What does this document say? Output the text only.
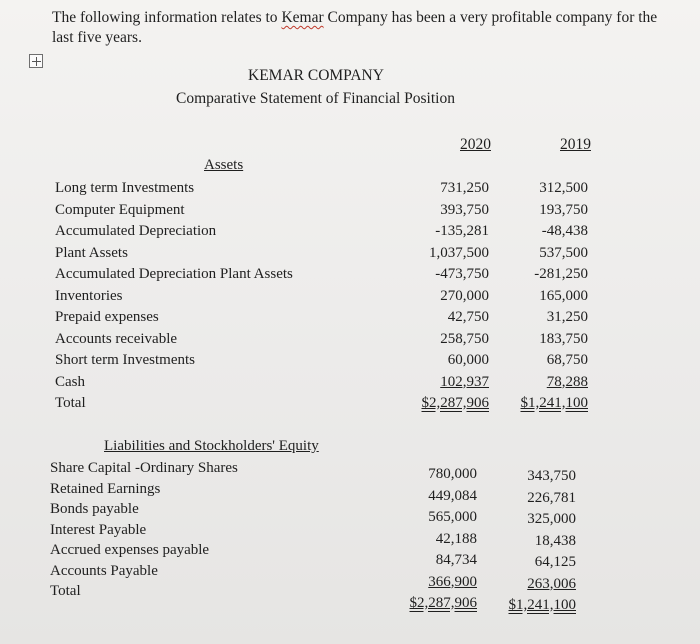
The following information relates to Kemar Company has been a very profitable company for the last five years.
KEMAR COMPANY
Comparative Statement of Financial Position
2020	2019
Assets
Long term Investments
Computer Equipment
Accumulated Depreciation
Plant Assets
Accumulated Depreciation Plant Assets
Inventories
Prepaid expenses
Accounts receivable
Short term Investments
Cash
Total
731,250
393,750
-135,281
1,037,500
-473,750
270,000
42,750
258,750
60,000
102,937
$2,287,906
312,500
193,750
-48,438
537,500
-281,250
165,000
31,250
183,750
68,750
78,288
$1,241,100
Liabilities and Stockholders' Equity
Share Capital -Ordinary Shares
Retained Earnings
Bonds payable
Interest Payable
Accrued expenses payable
Accounts Payable
Total
780,000
449,084
565,000
42,188
84,734
366,900
$2,287,906
343,750
226,781
325,000
18,438
64,125
263,006
$1,241,100
